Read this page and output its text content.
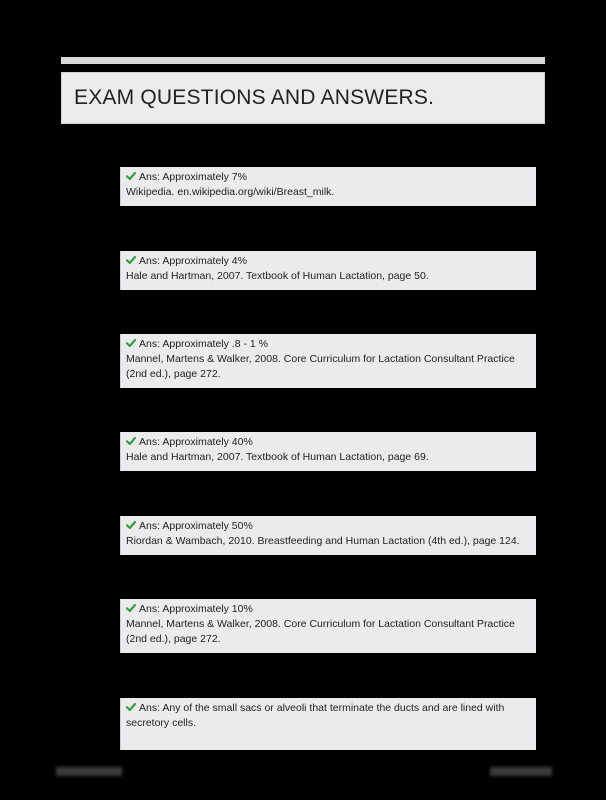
EXAM QUESTIONS AND ANSWERS.
Ans: Approximately 7%
Wikipedia. en.wikipedia.org/wiki/Breast_milk.
Ans: Approximately 4%
Hale and Hartman, 2007. Textbook of Human Lactation, page 50.
Ans: Approximately .8 - 1 %
Mannel, Martens & Walker, 2008. Core Curriculum for Lactation Consultant Practice (2nd ed.), page 272.
Ans: Approximately 40%
Hale and Hartman, 2007. Textbook of Human Lactation, page 69.
Ans: Approximately 50%
Riordan & Wambach, 2010. Breastfeeding and Human Lactation (4th ed.), page 124.
Ans: Approximately 10%
Mannel, Martens & Walker, 2008. Core Curriculum for Lactation Consultant Practice (2nd ed.), page 272.
Ans: Any of the small sacs or alveoli that terminate the ducts and are lined with secretory cells.
